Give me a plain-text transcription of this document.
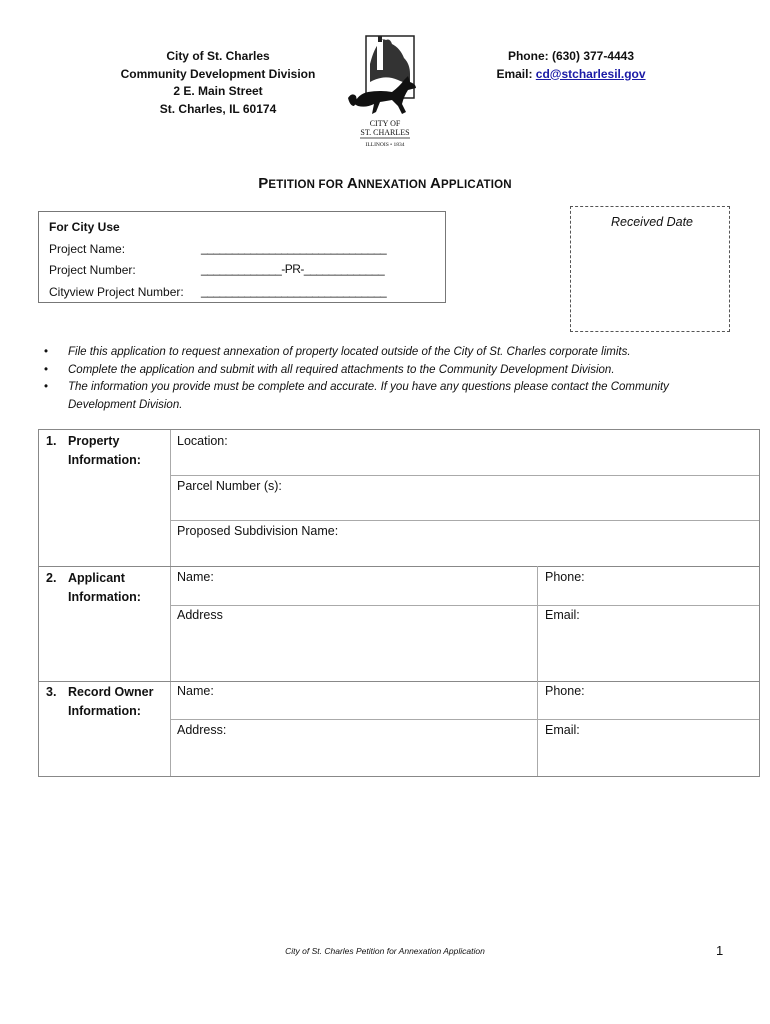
City of St. Charles
Community Development Division
2 E. Main Street
St. Charles, IL 60174
CITY OF
ST. CHARLES
ILLINOIS • 1834
Phone: (630) 377-4443
Email: cd@stcharlesil.gov
PETITION FOR ANNEXATION APPLICATION
For City Use
Project Name:	______________________________
Project Number:	_____________-PR-_____________
Cityview Project Number: ______________________________
Received Date
• File this application to request annexation of property located outside of the City of St. Charles corporate limits.
• Complete the application and submit with all required attachments to the Community Development Division.
• The information you provide must be complete and accurate. If you have any questions please contact the Community Development Division.
1. Property
Information:
Location:
Parcel Number (s):
Proposed Subdivision Name:
2. Applicant
Information:
Name:	Phone:
Address	Email:
3. Record Owner
Information:
Name:	Phone:
Address:	Email:
City of St. Charles Petition for Annexation Application	1
